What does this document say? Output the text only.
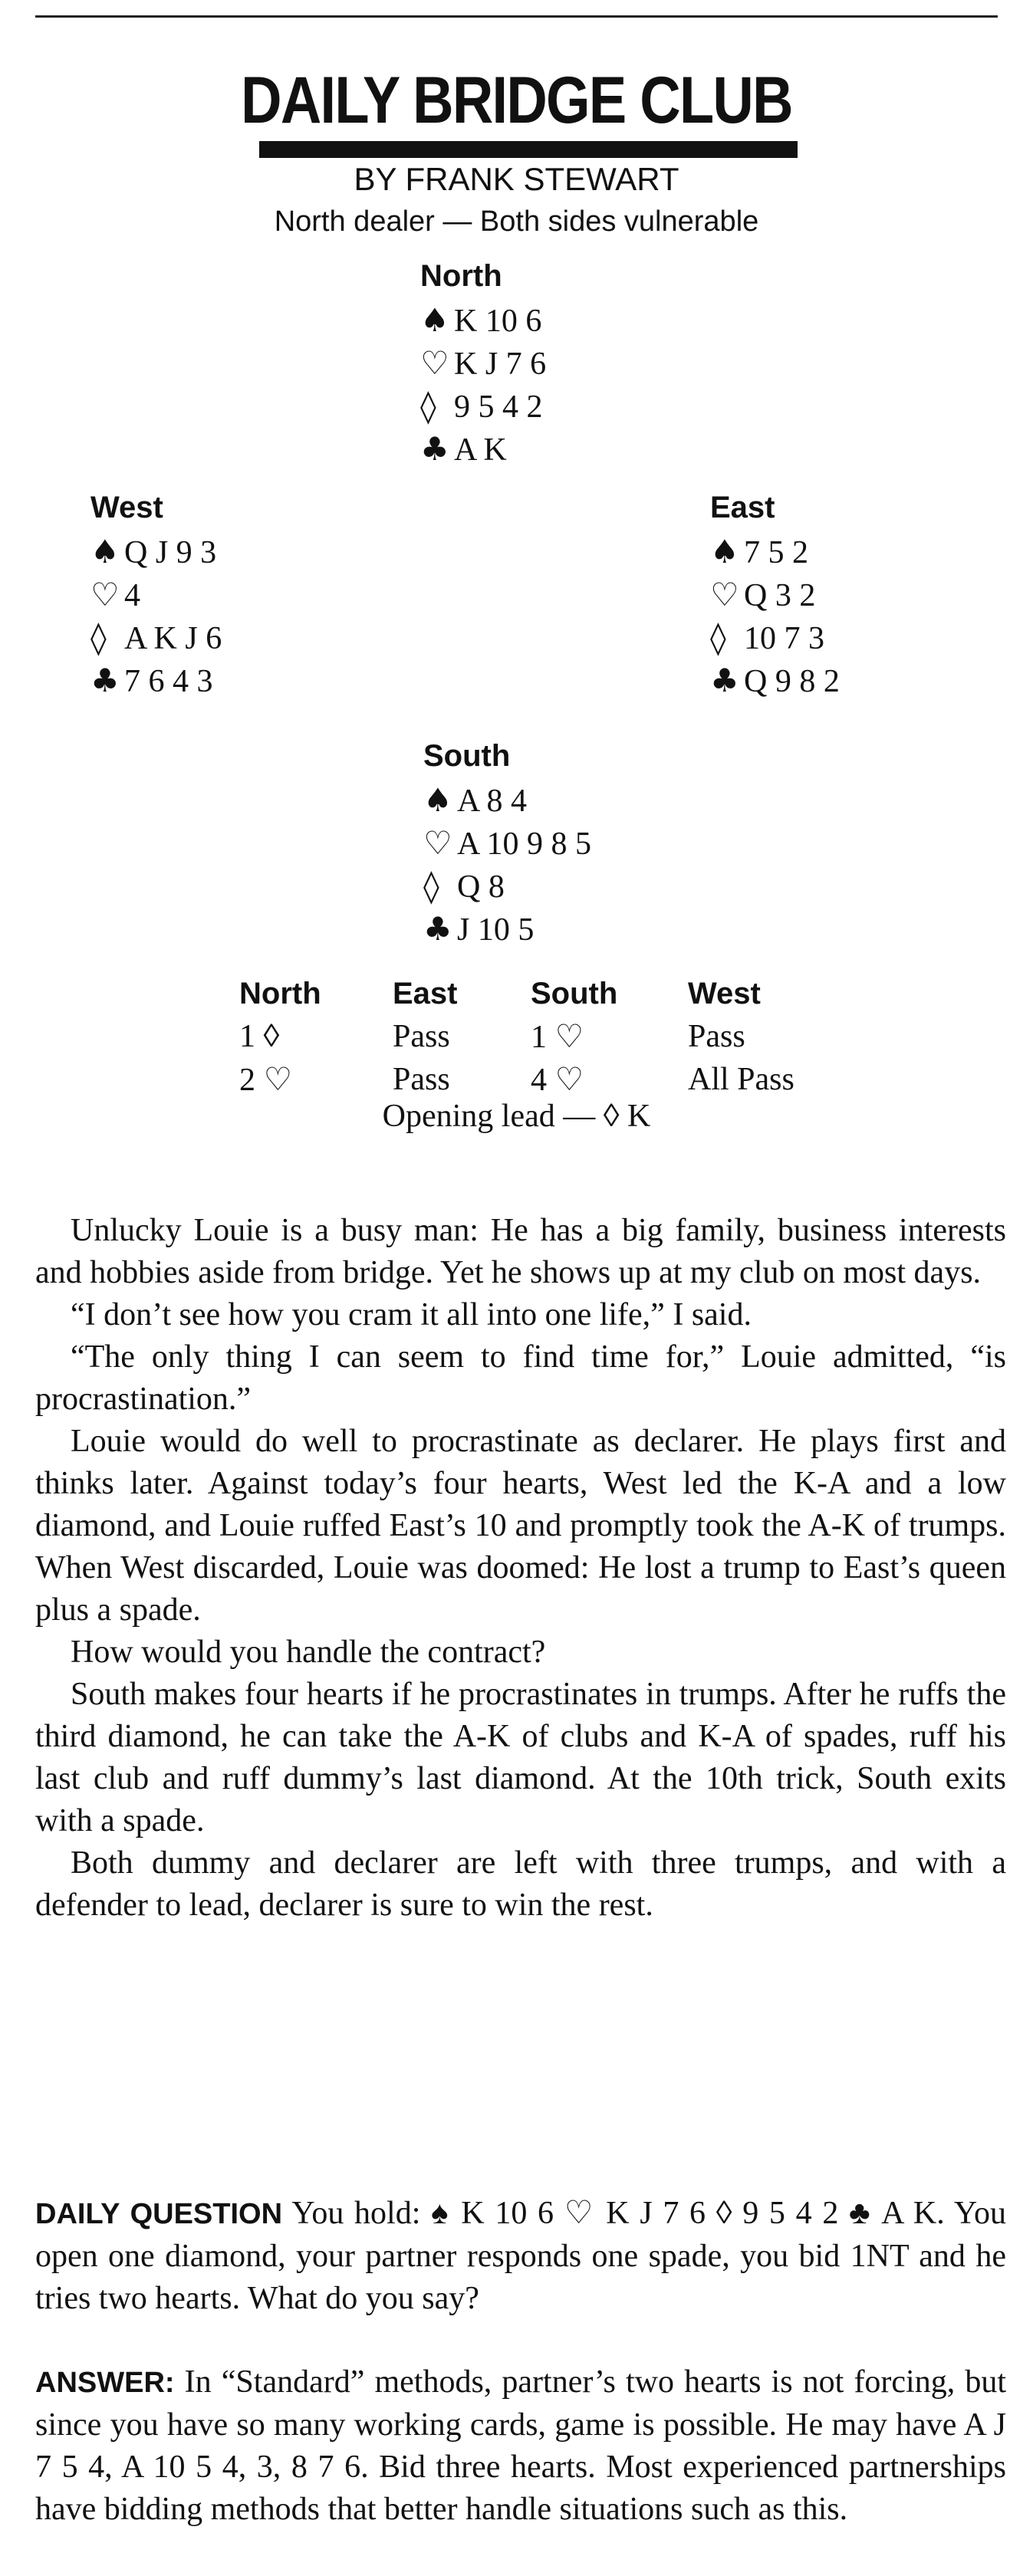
DAILY BRIDGE CLUB
BY FRANK STEWART
North dealer — Both sides vulnerable
North
♠ K 10 6
♡ K J 7 6
◊ 9 5 4 2
♣ A K
West
♠ Q J 9 3
♡ 4
◊ A K J 6
♣ 7 6 4 3
East
♠ 7 5 2
♡ Q 3 2
◊ 10 7 3
♣ Q 9 8 2
South
♠ A 8 4
♡ A 10 9 8 5
◊ Q 8
♣ J 10 5
North	East	South	West
1 ◊	Pass	1 ♡	Pass
2 ♡	Pass	4 ♡	All Pass
Opening lead — ◊ K

Unlucky Louie is a busy man: He has a big family, business interests and hobbies aside from bridge. Yet he shows up at my club on most days.

“I don’t see how you cram it all into one life,” I said.

“The only thing I can seem to find time for,” Louie admitted, “is procrastination.”

Louie would do well to procrastinate as declarer. He plays first and thinks later. Against today’s four hearts, West led the K-A and a low diamond, and Louie ruffed East’s 10 and promptly took the A-K of trumps. When West discarded, Louie was doomed: He lost a trump to East’s queen plus a spade.

How would you handle the contract?

South makes four hearts if he procrastinates in trumps. After he ruffs the third diamond, he can take the A-K of clubs and K-A of spades, ruff his last club and ruff dummy’s last diamond. At the 10th trick, South exits with a spade.

Both dummy and declarer are left with three trumps, and with a defender to lead, declarer is sure to win the rest.

DAILY QUESTION You hold: ♠ K 10 6 ♡ K J 7 6 ◊ 9 5 4 2 ♣ A K. You open one diamond, your partner responds one spade, you bid 1NT and he tries two hearts. What do you say?

ANSWER: In “Standard” methods, partner’s two hearts is not forcing, but since you have so many working cards, game is possible. He may have A J 7 5 4, A 10 5 4, 3, 8 7 6. Bid three hearts. Most experienced partnerships have bidding methods that better handle situations such as this.
